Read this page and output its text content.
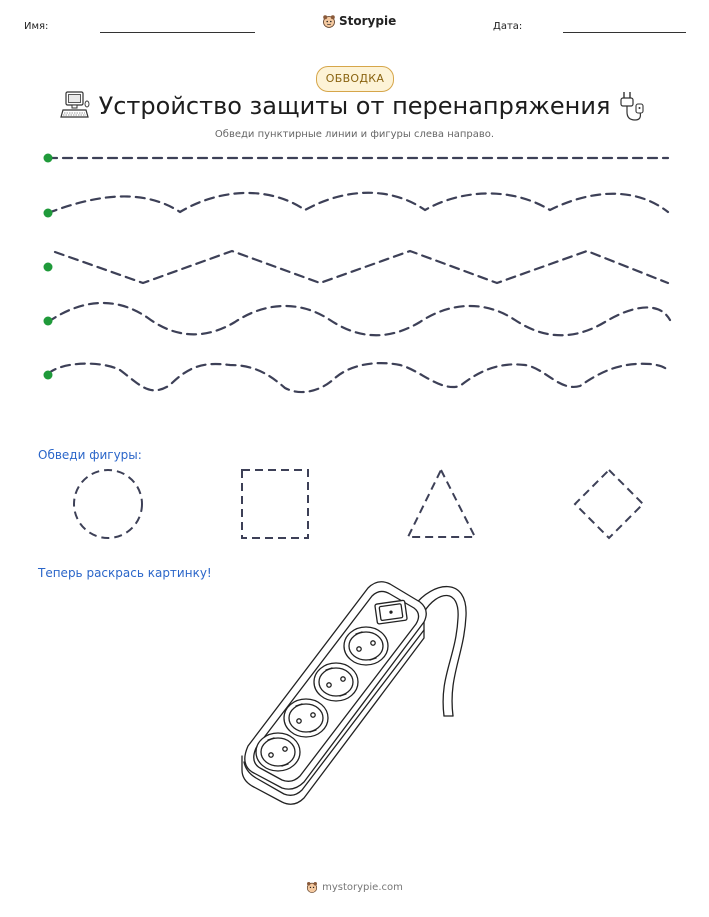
Имя:	Storypie	Дата:
ОБВОДКА
Устройство защиты от перенапряжения
Обведи пунктирные линии и фигуры слева направо.
Обведи фигуры:
Теперь раскрась картинку!
mystorypie.com
